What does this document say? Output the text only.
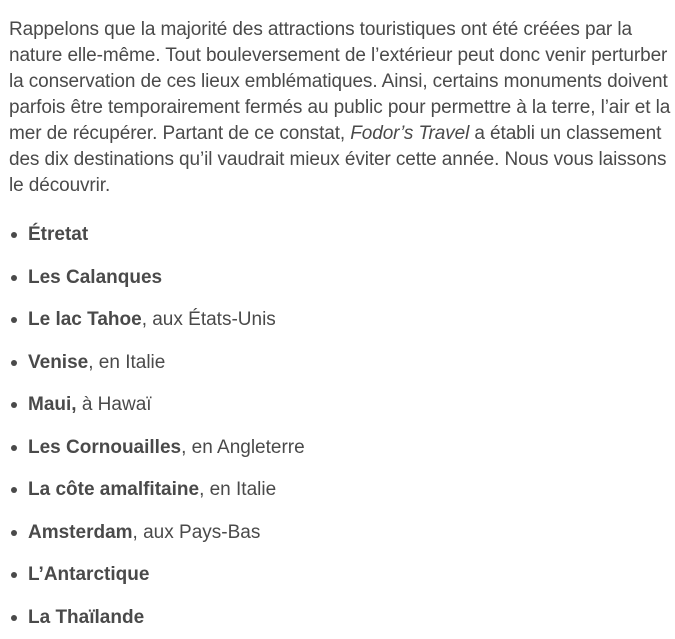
Rappelons que la majorité des attractions touristiques ont été créées par la nature elle-même. Tout bouleversement de l’extérieur peut donc venir perturber la conservation de ces lieux emblématiques. Ainsi, certains monuments doivent parfois être temporairement fermés au public pour permettre à la terre, l’air et la mer de récupérer. Partant de ce constat, Fodor’s Travel a établi un classement des dix destinations qu’il vaudrait mieux éviter cette année. Nous vous laissons le découvrir.

Étretat
Les Calanques
Le lac Tahoe, aux États-Unis
Venise, en Italie
Maui, à Hawaï
Les Cornouailles, en Angleterre
La côte amalfitaine, en Italie
Amsterdam, aux Pays-Bas
L’Antarctique
La Thaïlande
